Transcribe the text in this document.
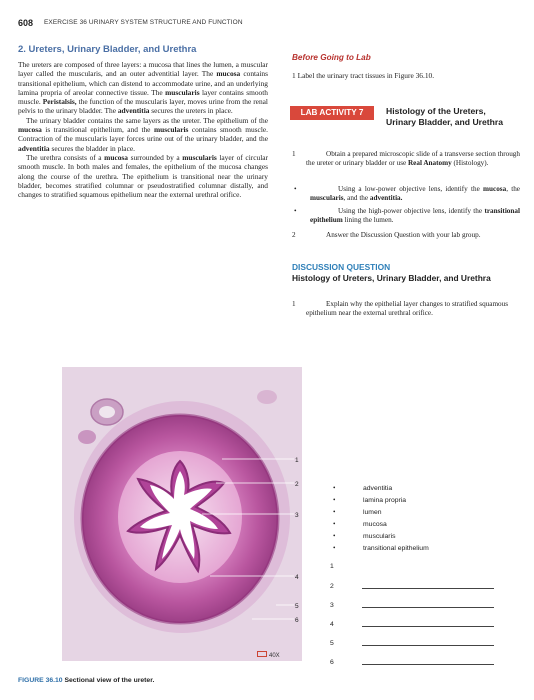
608 EXERCISE 36 URINARY SYSTEM STRUCTURE AND FUNCTION
2. Ureters, Urinary Bladder, and Urethra

The ureters are composed of three layers: a mucosa that lines the lumen, a muscular layer called the muscularis, and an outer adventitial layer. The mucosa contains transitional epithelium, which can distend to accommodate urine, and an underlying lamina propria of areolar connective tissue. The muscularis layer contains smooth muscle. Peristalsis, the function of the muscularis layer, moves urine from the renal pelvis to the urinary bladder. The adventitia secures the ureters in place.

The urinary bladder contains the same layers as the ureter. The epithelium of the mucosa is transitional epithelium, and the muscularis contains smooth muscle. Contraction of the muscularis layer forces urine out of the urinary bladder, and the adventitia secures the bladder in place.

The urethra consists of a mucosa surrounded by a muscularis layer of circular smooth muscle. In both males and females, the epithelium of the mucosa changes along the course of the urethra. The epithelium is transitional near the urinary bladder, becomes stratified columnar or pseudostratified columnar distally, and changes to stratified squamous epithelium near the external urethral orifice.

Before Going to Lab
1 Label the urinary tract tissues in Figure 36.10.
LAB ACTIVITY 7	Histology of the Ureters, Urinary Bladder, and Urethra
1	Obtain a prepared microscopic slide of a transverse section through the ureter or urinary bladder or use Real Anatomy (Histology).
•	Using a low-power objective lens, identify the mucosa, the muscularis, and the adventitia.
•	Using the high-power objective lens, identify the transitional epithelium lining the lumen.
2	Answer the Discussion Question with your lab group.
DISCUSSION QUESTION
Histology of Ureters, Urinary Bladder, and Urethra
1	Explain why the epithelial layer changes to stratified squamous epithelium near the external urethral orifice.
1
2
3
4
5
6
40X
FIGURE 36.10 Sectional view of the ureter.
•	adventitia
•	lamina propria
•	lumen
•	mucosa
•	muscularis
•	transitional epithelium
1
2
3
4
5
6
